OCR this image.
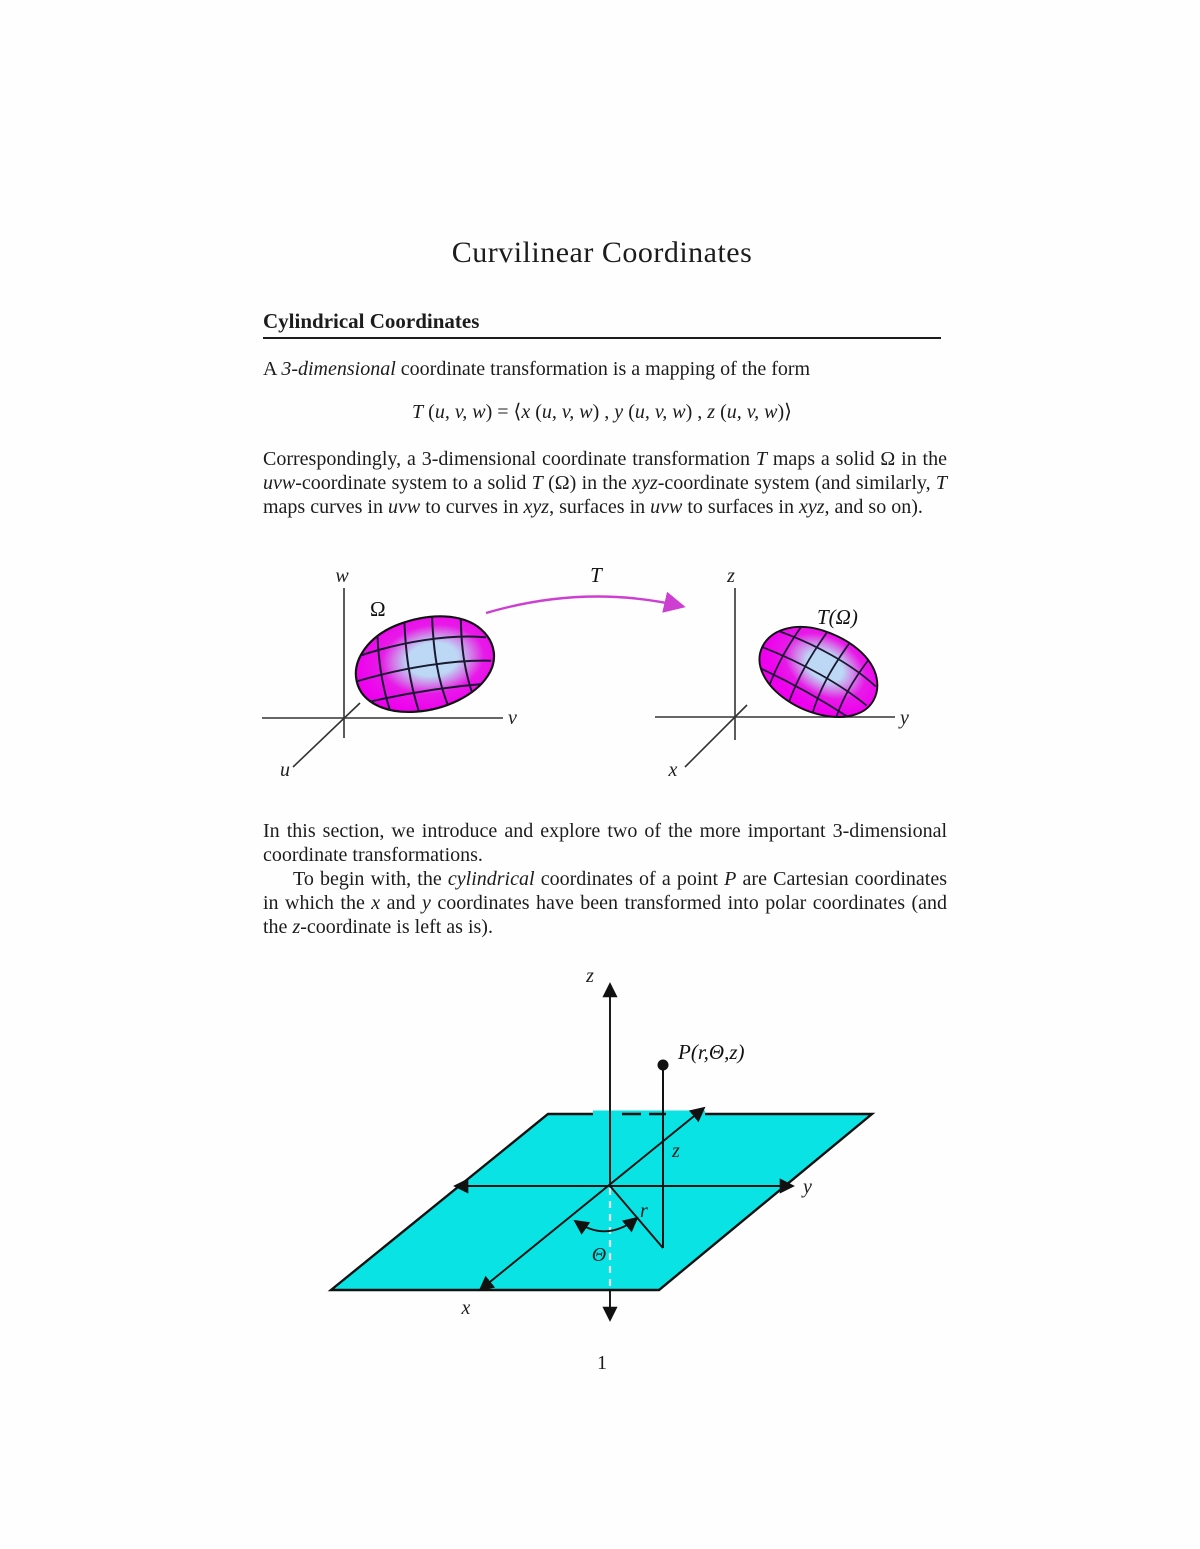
Curvilinear Coordinates
Cylindrical Coordinates
A 3-dimensional coordinate transformation is a mapping of the form
T (u, v, w) = ⟨x (u, v, w) , y (u, v, w) , z (u, v, w)⟩
Correspondingly, a 3-dimensional coordinate transformation T maps a solid Ω in the uvw-coordinate system to a solid T (Ω) in the xyz-coordinate system (and similarly, T maps curves in uvw to curves in xyz, surfaces in uvw to surfaces in xyz, and so on).
w
v
u
Ω
T	z
y
x
T(Ω)
In this section, we introduce and explore two of the more important 3-dimensional coordinate transformations.
To begin with, the cylindrical coordinates of a point P are Cartesian coordinates in which the x and y coordinates have been transformed into polar coordinates (and the z-coordinate is left as is).
y
x
z
P(r,Θ,z)
z
r
Θ
1
